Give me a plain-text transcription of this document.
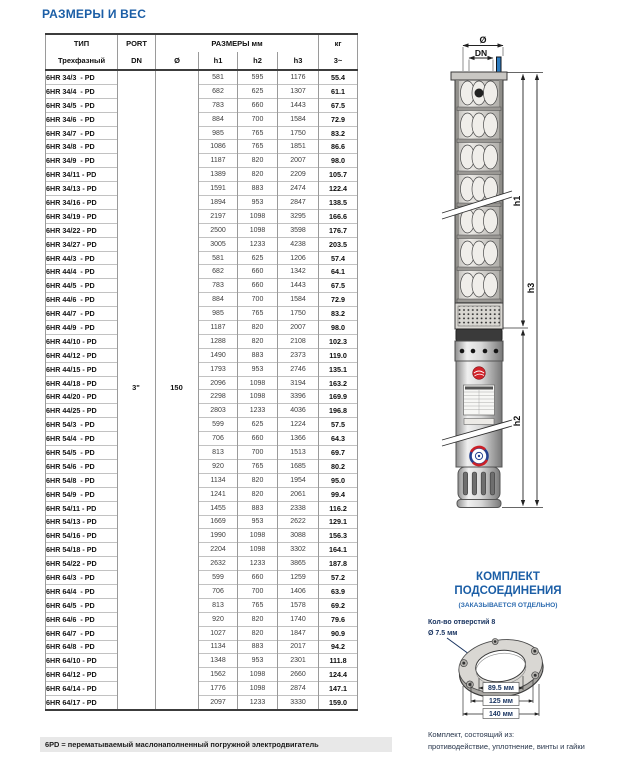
РАЗМЕРЫ И ВЕС
ТИП	PORT	РАЗМЕРЫ мм				кг
Трехфазный	DN	Ø	h1	h2	h3	3~
6HR 34/3  - PD			581	595	1176	55.4
6HR 34/4  - PD			682	625	1307	61.1
6HR 34/5  - PD			783	660	1443	67.5
6HR 34/6  - PD			884	700	1584	72.9
6HR 34/7  - PD			985	765	1750	83.2
6HR 34/8  - PD			1086	765	1851	86.6
6HR 34/9  - PD			1187	820	2007	98.0
6HR 34/11 - PD			1389	820	2209	105.7
6HR 34/13 - PD			1591	883	2474	122.4
6HR 34/16 - PD			1894	953	2847	138.5
6HR 34/19 - PD			2197	1098	3295	166.6
6HR 34/22 - PD			2500	1098	3598	176.7
6HR 34/27 - PD			3005	1233	4238	203.5
6HR 44/3  - PD			581	625	1206	57.4
6HR 44/4  - PD			682	660	1342	64.1
6HR 44/5  - PD			783	660	1443	67.5
6HR 44/6  - PD			884	700	1584	72.9
6HR 44/7  - PD			985	765	1750	83.2
6HR 44/9  - PD			1187	820	2007	98.0
6HR 44/10 - PD			1288	820	2108	102.3
6HR 44/12 - PD			1490	883	2373	119.0
6HR 44/15 - PD			1793	953	2746	135.1
6HR 44/18 - PD			2096	1098	3194	163.2
6HR 44/20 - PD			2298	1098	3396	169.9
6HR 44/25 - PD			2803	1233	4036	196.8
6HR 54/3  - PD			599	625	1224	57.5
6HR 54/4  - PD			706	660	1366	64.3
6HR 54/5  - PD			813	700	1513	69.7
6HR 54/6  - PD			920	765	1685	80.2
6HR 54/8  - PD			1134	820	1954	95.0
6HR 54/9  - PD			1241	820	2061	99.4
6HR 54/11 - PD			1455	883	2338	116.2
6HR 54/13 - PD			1669	953	2622	129.1
6HR 54/16 - PD			1990	1098	3088	156.3
6HR 54/18 - PD			2204	1098	3302	164.1
6HR 54/22 - PD			2632	1233	3865	187.8
6HR 64/3  - PD			599	660	1259	57.2
6HR 64/4  - PD			706	700	1406	63.9
6HR 64/5  - PD			813	765	1578	69.2
6HR 64/6  - PD			920	820	1740	79.6
6HR 64/7  - PD			1027	820	1847	90.9
6HR 64/8  - PD			1134	883	2017	94.2
6HR 64/10 - PD			1348	953	2301	111.8
6HR 64/12 - PD			1562	1098	2660	124.4
6HR 64/14 - PD			1776	1098	2874	147.1
6HR 64/17 - PD			2097	1233	3330	159.0
3"	150
6PD = перематываемый маслонаполненный погружной электродвигатель
Ø
DN
h1
h2
h3
КОМПЛЕКТ
ПОДСОЕДИНЕНИЯ
(ЗАКАЗЫВАЕТСЯ ОТДЕЛЬНО)
Кол-во отверстий 8
Ø 7.5 мм
89.5 мм
125 мм
140 мм
Комплект, состоящий из:
противодействие, уплотнение, винты и гайки
